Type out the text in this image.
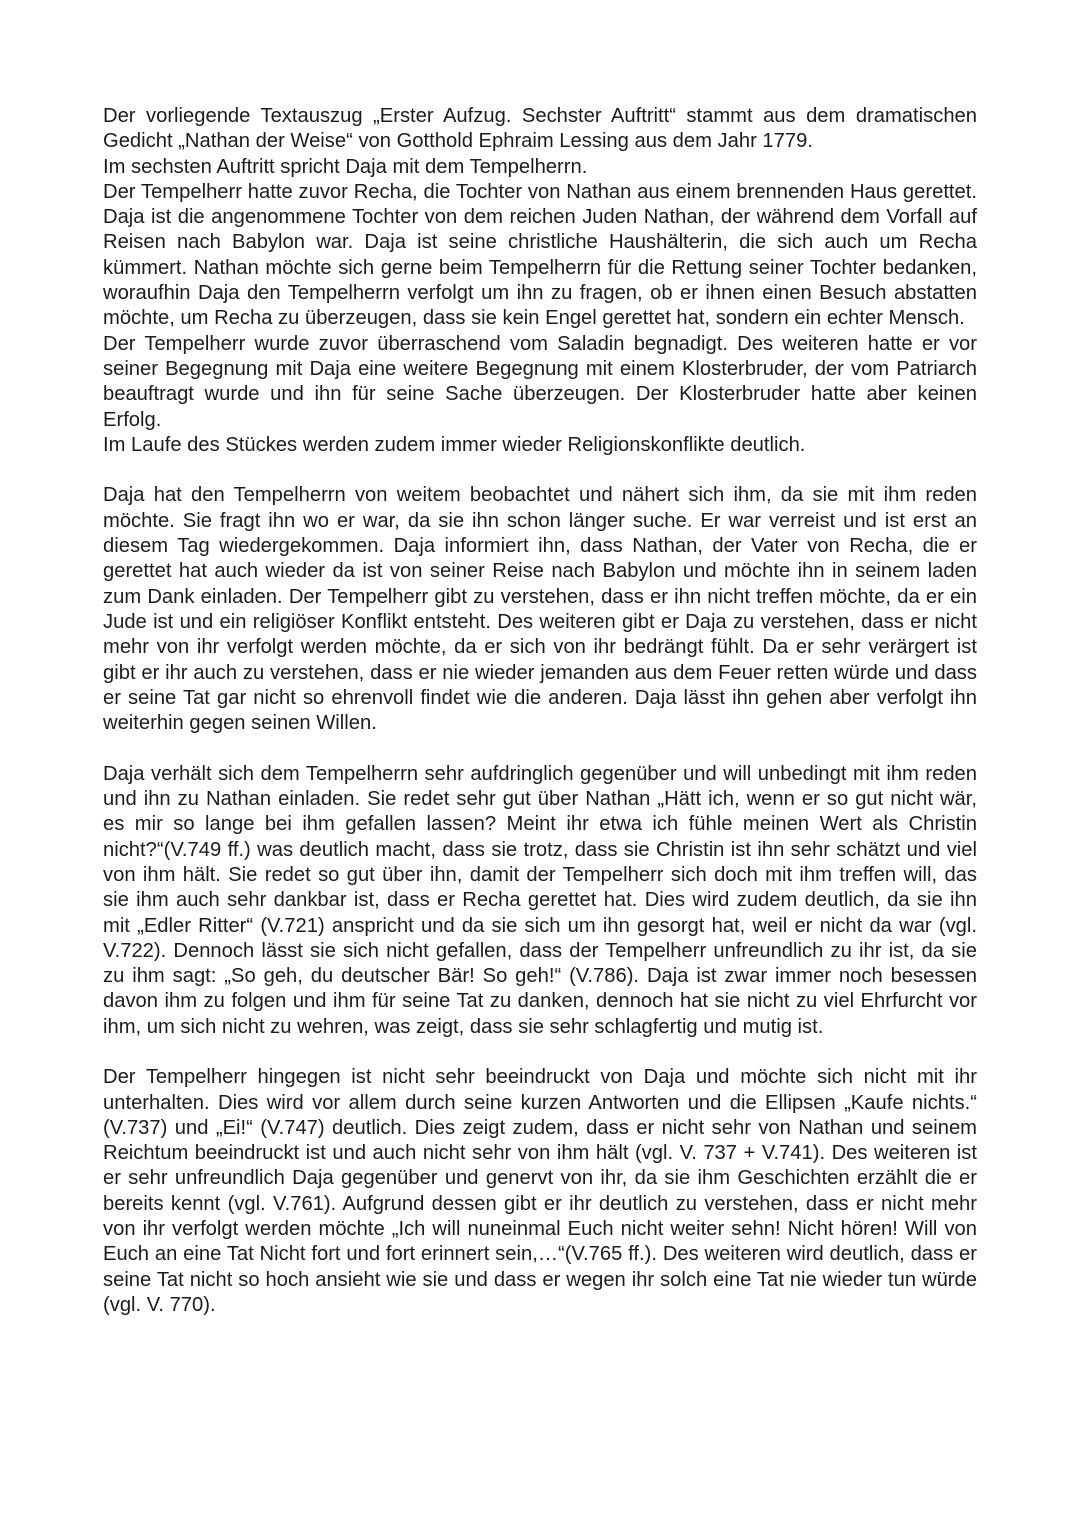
Der vorliegende Textauszug „Erster Aufzug. Sechster Auftritt“ stammt aus dem dramatischen Gedicht „Nathan der Weise“ von Gotthold Ephraim Lessing aus dem Jahr 1779.

Im sechsten Auftritt spricht Daja mit dem Tempelherrn.

Der Tempelherr hatte zuvor Recha, die Tochter von Nathan aus einem brennenden Haus gerettet. Daja ist die angenommene Tochter von dem reichen Juden Nathan, der während dem Vorfall auf Reisen nach Babylon war. Daja ist seine christliche Haushälterin, die sich auch um Recha kümmert. Nathan möchte sich gerne beim Tempelherrn für die Rettung seiner Tochter bedanken, woraufhin Daja den Tempelherrn verfolgt um ihn zu fragen, ob er ihnen einen Besuch abstatten möchte, um Recha zu überzeugen, dass sie kein Engel gerettet hat, sondern ein echter Mensch.

Der Tempelherr wurde zuvor überraschend vom Saladin begnadigt. Des weiteren hatte er vor seiner Begegnung mit Daja eine weitere Begegnung mit einem Klosterbruder, der vom Patriarch beauftragt wurde und ihn für seine Sache überzeugen. Der Klosterbruder hatte aber keinen Erfolg.

Im Laufe des Stückes werden zudem immer wieder Religionskonflikte deutlich.

Daja hat den Tempelherrn von weitem beobachtet und nähert sich ihm, da sie mit ihm reden möchte. Sie fragt ihn wo er war, da sie ihn schon länger suche. Er war verreist und ist erst an diesem Tag wiedergekommen. Daja informiert ihn, dass Nathan, der Vater von Recha, die er gerettet hat auch wieder da ist von seiner Reise nach Babylon und möchte ihn in seinem laden zum Dank einladen. Der Tempelherr gibt zu verstehen, dass er ihn nicht treffen möchte, da er ein Jude ist und ein religiöser Konflikt entsteht. Des weiteren gibt er Daja zu verstehen, dass er nicht mehr von ihr verfolgt werden möchte, da er sich von ihr bedrängt fühlt. Da er sehr verärgert ist gibt er ihr auch zu verstehen, dass er nie wieder jemanden aus dem Feuer retten würde und dass er seine Tat gar nicht so ehrenvoll findet wie die anderen. Daja lässt ihn gehen aber verfolgt ihn weiterhin gegen seinen Willen.

Daja verhält sich dem Tempelherrn sehr aufdringlich gegenüber und will unbedingt mit ihm reden und ihn zu Nathan einladen. Sie redet sehr gut über Nathan „Hätt ich, wenn er so gut nicht wär, es mir so lange bei ihm gefallen lassen? Meint ihr etwa ich fühle meinen Wert als Christin nicht?“(V.749 ff.) was deutlich macht, dass sie trotz, dass sie Christin ist ihn sehr schätzt und viel von ihm hält. Sie redet so gut über ihn, damit der Tempelherr sich doch mit ihm treffen will, das sie ihm auch sehr dankbar ist, dass er Recha gerettet hat. Dies wird zudem deutlich, da sie ihn mit „Edler Ritter“ (V.721) anspricht und da sie sich um ihn gesorgt hat, weil er nicht da war (vgl. V.722). Dennoch lässt sie sich nicht gefallen, dass der Tempelherr unfreundlich zu ihr ist, da sie zu ihm sagt: „So geh, du deutscher Bär! So geh!“ (V.786). Daja ist zwar immer noch besessen davon ihm zu folgen und ihm für seine Tat zu danken, dennoch hat sie nicht zu viel Ehrfurcht vor ihm, um sich nicht zu wehren, was zeigt, dass sie sehr schlagfertig und mutig ist.

Der Tempelherr hingegen ist nicht sehr beeindruckt von Daja und möchte sich nicht mit ihr unterhalten. Dies wird vor allem durch seine kurzen Antworten und die Ellipsen „Kaufe nichts.“ (V.737) und „Ei!“ (V.747) deutlich. Dies zeigt zudem, dass er nicht sehr von Nathan und seinem Reichtum beeindruckt ist und auch nicht sehr von ihm hält (vgl. V. 737 + V.741). Des weiteren ist er sehr unfreundlich Daja gegenüber und genervt von ihr, da sie ihm Geschichten erzählt die er bereits kennt (vgl. V.761). Aufgrund dessen gibt er ihr deutlich zu verstehen, dass er nicht mehr von ihr verfolgt werden möchte „Ich will nuneinmal Euch nicht weiter sehn! Nicht hören! Will von Euch an eine Tat Nicht fort und fort erinnert sein,…“(V.765 ff.). Des weiteren wird deutlich, dass er seine Tat nicht so hoch ansieht wie sie und dass er wegen ihr solch eine Tat nie wieder tun würde (vgl. V. 770).
